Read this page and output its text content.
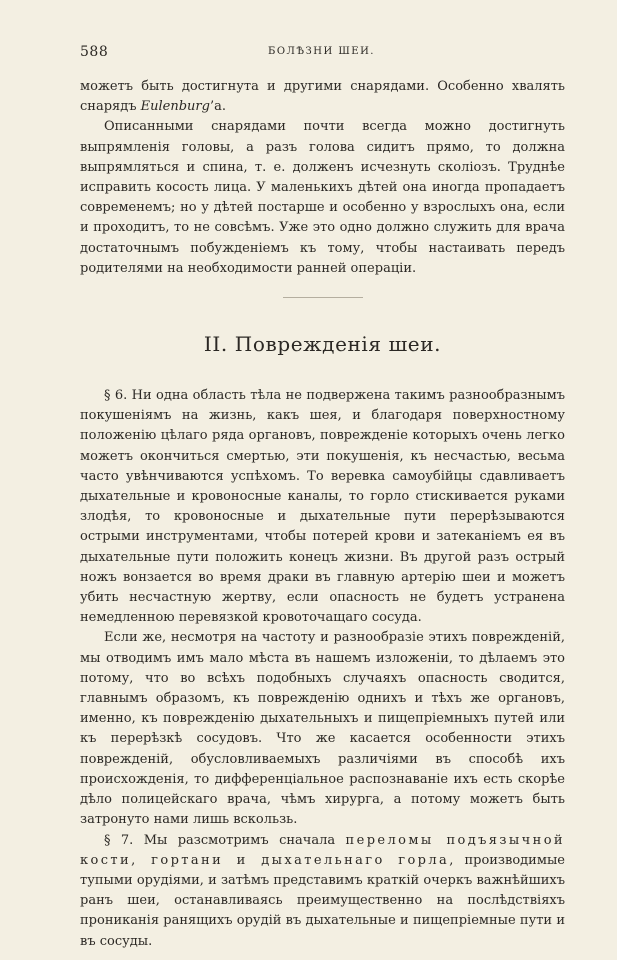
588	БОЛѢЗНИ ШЕИ.

можетъ быть достигнута и другими снарядами. Особенно хвалять снарядъ Eulenburg’а.

Описанными снарядами почти всегда можно достигнуть выпрямленія головы, а разъ голова сидитъ прямо, то должна выпрямляться и спина, т. е. долженъ исчезнуть сколіозъ. Труднѣе исправить косость лица. У маленькихъ дѣтей она иногда пропадаетъ современемъ; но у дѣтей постарше и особенно у взрослыхъ она, если и проходитъ, то не совсѣмъ. Уже это одно должно служить для врача достаточнымъ побужденіемъ къ тому, чтобы настаивать передъ родителями на необходимости ранней операціи.

II. Поврежденія шеи.

§ 6. Ни одна область тѣла не подвержена такимъ разнообразнымъ покушеніямъ на жизнь, какъ шея, и благодаря поверхностному положенію цѣлаго ряда органовъ, поврежденіе которыхъ очень легко можетъ окончиться смертью, эти покушенія, къ несчастью, весьма часто увѣнчиваются успѣхомъ. То веревка самоубійцы сдавливаетъ дыхательные и кровоносные каналы, то горло стискивается руками злодѣя, то кровоносные и дыхательные пути перерѣзываются острыми инструментами, чтобы потерей крови и затеканіемъ ея въ дыхательные пути положить конецъ жизни. Въ другой разъ острый ножъ вонзается во время драки въ главную артерію шеи и можетъ убить несчастную жертву, если опасность не будетъ устранена немедленною перевязкой кровоточащаго сосуда.

Если же, несмотря на частоту и разнообразіе этихъ поврежденій, мы отводимъ имъ мало мѣста въ нашемъ изложеніи, то дѣлаемъ это потому, что во всѣхъ подобныхъ случаяхъ опасность сводится, главнымъ образомъ, къ поврежденію однихъ и тѣхъ же органовъ, именно, къ поврежденію дыхательныхъ и пищепріемныхъ путей или къ перерѣзкѣ сосудовъ. Что же касается особенности этихъ поврежденій, обусловливаемыхъ различіями въ способѣ ихъ происхожденія, то дифференціальное распознаваніе ихъ есть скорѣе дѣло полицейскаго врача, чѣмъ хирурга, а потому можетъ быть затронуто нами лишь вскользь.

§ 7. Мы разсмотримъ сначала переломы подъязычной кости, гортани и дыхательнаго горла, производимые тупыми орудіями, и затѣмъ представимъ краткій очеркъ важнѣйшихъ ранъ шеи, останавливаясь преимущественно на послѣдствіяхъ прониканія ранящихъ орудій въ дыхательные и пищепріемные пути и въ сосуды.
